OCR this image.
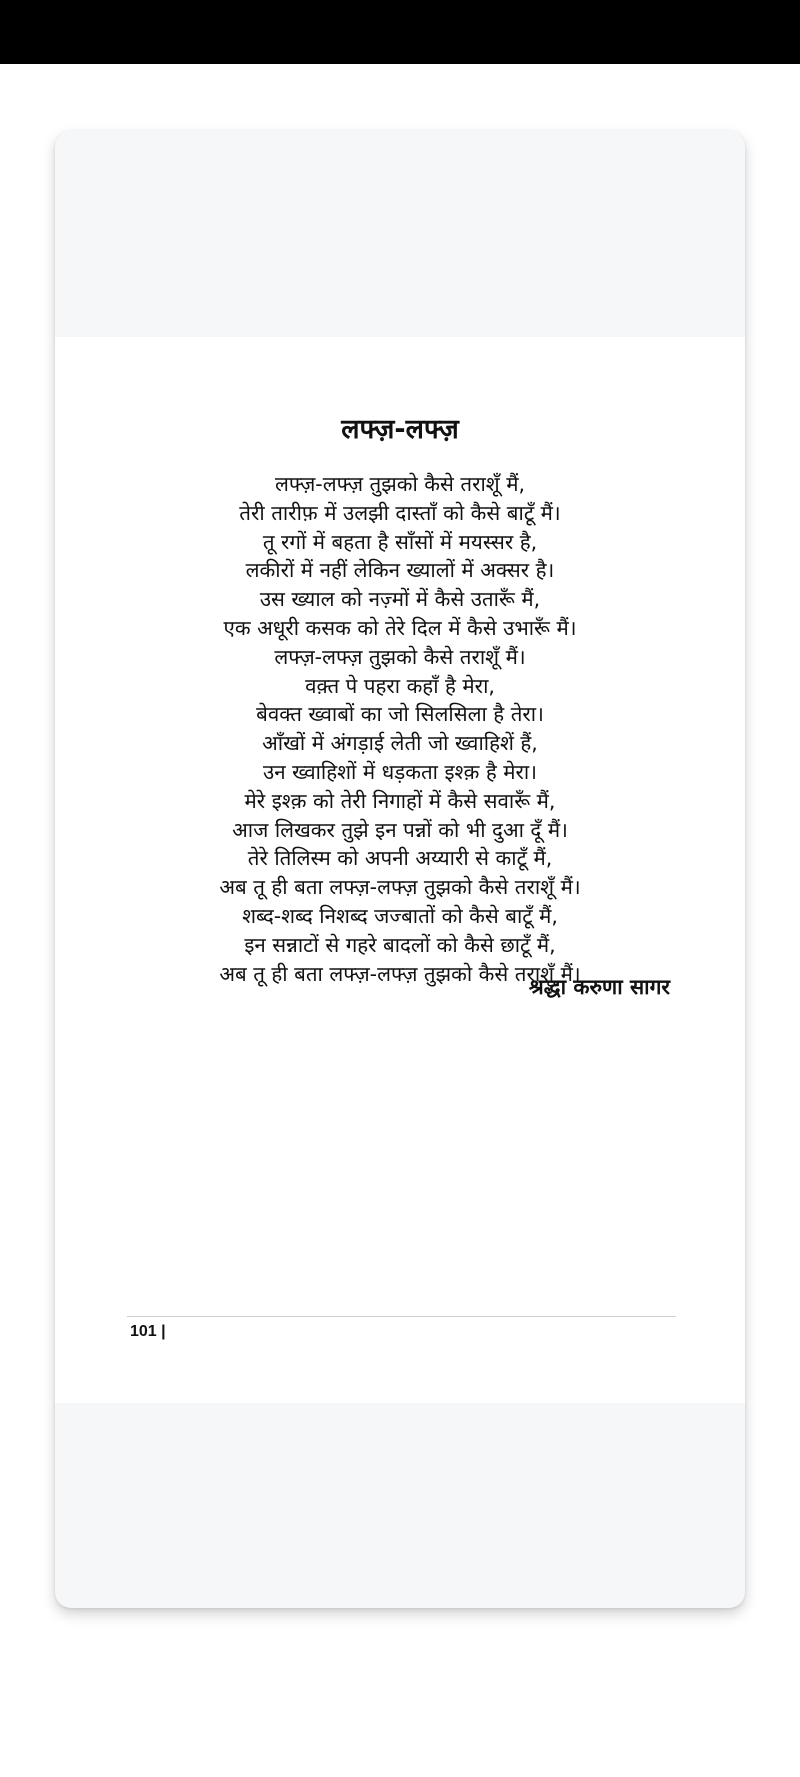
लफ्ज़-लफ्ज़
लफ्ज़-लफ्ज़ तुझको कैसे तराशूँ मैं,
तेरी तारीफ़ में उलझी दास्ताँ को कैसे बाटूँ मैं।
तू रगों में बहता है साँसों में मयस्सर है,
लकीरों में नहीं लेकिन ख्यालों में अक्सर है।
उस ख्याल को नज़्मों में कैसे उतारूँ मैं,
एक अधूरी कसक को तेरे दिल में कैसे उभारूँ मैं।
लफ्ज़-लफ्ज़ तुझको कैसे तराशूँ मैं।
वक़्त पे पहरा कहाँ है मेरा,
बेवक्त ख्वाबों का जो सिलसिला है तेरा।
आँखों में अंगड़ाई लेती जो ख्वाहिशें हैं,
उन ख्वाहिशों में धड़कता इश्क़ है मेरा।
मेरे इश्क़ को तेरी निगाहों में कैसे सवारूँ मैं,
आज लिखकर तुझे इन पन्नों को भी दुआ दूँ मैं।
तेरे तिलिस्म को अपनी अय्यारी से काटूँ मैं,
अब तू ही बता लफ्ज़-लफ्ज़ तुझको कैसे तराशूँ मैं।
शब्द-शब्द निशब्द जज्बातों को कैसे बाटूँ मैं,
इन सन्नाटों से गहरे बादलों को कैसे छाटूँ मैं,
अब तू ही बता लफ्ज़-लफ्ज़ तुझको कैसे तराशूँ मैं।
श्रद्धा करुणा सागर
101 |
